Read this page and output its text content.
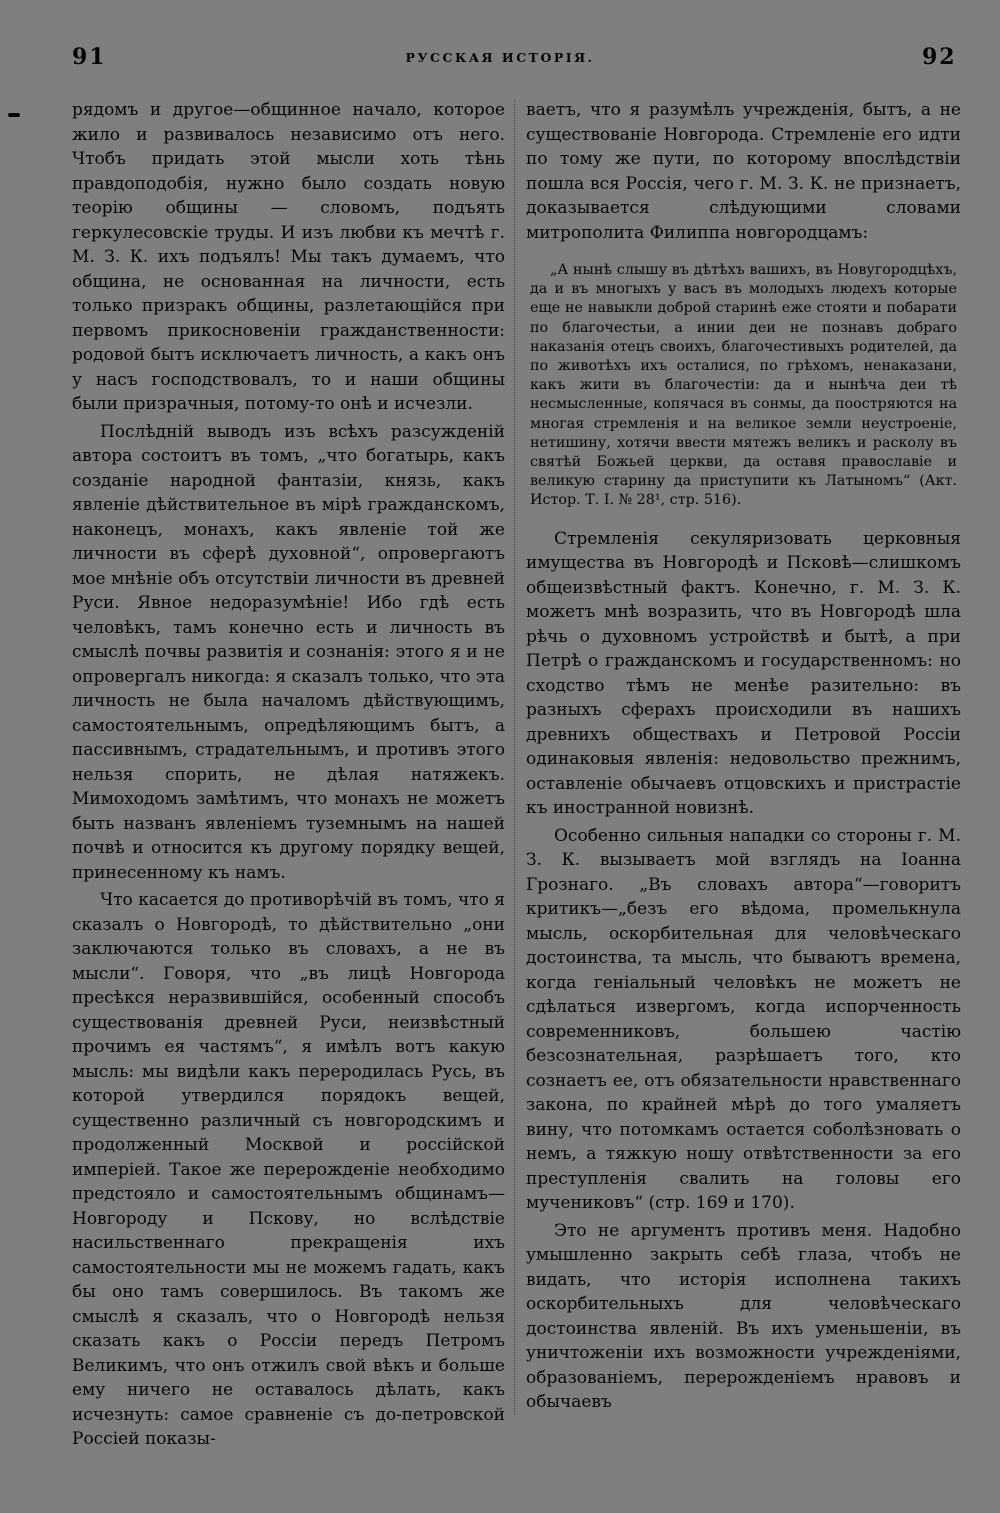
91	РУССКАЯ ИСТОРІЯ.	92

рядомъ и другое—общинное начало, которое жило и развивалось независимо отъ него. Чтобъ придать этой мысли хоть тѣнь правдоподобія, нужно было создать новую теорію общины — словомъ, подъять геркулесовскіе труды. И изъ любви къ мечтѣ г. М. З. К. ихъ подъялъ! Мы такъ думаемъ, что община, не основанная на личности, есть только призракъ общины, разлетающійся при первомъ прикосновеніи гражданственности: родовой бытъ исключаетъ личность, а какъ онъ у насъ господствовалъ, то и наши общины были призрачныя, потому-то онѣ и исчезли.

Послѣдній выводъ изъ всѣхъ разсужденій автора состоитъ въ томъ, „что богатырь, какъ созданіе народной фантазіи, князь, какъ явленіе дѣйствительное въ мірѣ гражданскомъ, наконецъ, монахъ, какъ явленіе той же личности въ сферѣ духовной“, опровергаютъ мое мнѣніе объ отсутствіи личности въ древней Руси. Явное недоразумѣніе! Ибо гдѣ есть человѣкъ, тамъ конечно есть и личность въ смыслѣ почвы развитія и сознанія: этого я и не опровергалъ никогда: я сказалъ только, что эта личность не была началомъ дѣйствующимъ, самостоятельнымъ, опредѣляющимъ бытъ, а пассивнымъ, страдательнымъ, и противъ этого нельзя спорить, не дѣлая натяжекъ. Мимоходомъ замѣтимъ, что монахъ не можетъ быть названъ явленіемъ туземнымъ на нашей почвѣ и относится къ другому порядку вещей, принесенному къ намъ.

Что касается до противорѣчій въ томъ, что я сказалъ о Новгородѣ, то дѣйствительно „они заключаются только въ словахъ, а не въ мысли“. Говоря, что „въ лицѣ Новгорода пресѣкся неразвившійся, особенный способъ существованія древней Руси, неизвѣстный прочимъ ея частямъ“, я имѣлъ вотъ какую мысль: мы видѣли какъ переродилась Русь, въ которой утвердился порядокъ вещей, существенно различный съ новгородскимъ и продолженный Москвой и россійской имперіей. Такое же перерожденіе необходимо предстояло и самостоятельнымъ общинамъ— Новгороду и Пскову, но вслѣдствіе насильственнаго прекращенія ихъ самостоятельности мы не можемъ гадать, какъ бы оно тамъ совершилось. Въ такомъ же смыслѣ я сказалъ, что о Новгородѣ нельзя сказать какъ о Россіи передъ Петромъ Великимъ, что онъ отжилъ свой вѣкъ и больше ему ничего не оставалось дѣлать, какъ исчезнуть: самое сравненіе съ до-петровской Россіей показы-

ваетъ, что я разумѣлъ учрежденія, бытъ, а не существованіе Новгорода. Стремленіе его идти по тому же пути, по которому впослѣдствіи пошла вся Россія, чего г. М. З. К. не признаетъ, доказывается слѣдующими словами митрополита Филиппа новгородцамъ:

„А нынѣ слышу въ дѣтѣхъ вашихъ, въ Новугородцѣхъ, да и въ многыхъ у васъ въ молодыхъ людехъ которые еще не навыкли доброй старинѣ еже стояти и побарати по благочестьи, а инии деи не познавъ добраго наказанія отецъ своихъ, благочестивыхъ родителей, да по животѣхъ ихъ осталися, по грѣхомъ, ненаказани, какъ жити въ благочестіи: да и нынѣча деи тѣ несмысленные, копячася въ сонмы, да поостряются на многая стремленія и на великое земли неустроеніе, нетишину, хотячи ввести мятежъ великъ и расколу въ святѣй Божьей церкви, да оставя православіе и великую старину да приступити къ Латыномъ“ (Акт. Истор. Т. I. № 28¹, стр. 516).

Стремленія секуляризовать церковныя имущества въ Новгородѣ и Псковѣ—слишкомъ общеизвѣстный фактъ. Конечно, г. М. З. К. можетъ мнѣ возразить, что въ Новгородѣ шла рѣчь о духовномъ устройствѣ и бытѣ, а при Петрѣ о гражданскомъ и государственномъ: но сходство тѣмъ не менѣе разительно: въ разныхъ сферахъ происходили въ нашихъ древнихъ обществахъ и Петровой Россіи одинаковыя явленія: недовольство прежнимъ, оставленіе обычаевъ отцовскихъ и пристрастіе къ иностранной новизнѣ.

Особенно сильныя нападки со стороны г. М. З. К. вызываетъ мой взглядъ на Іоанна Грознаго. „Въ словахъ автора“—говоритъ критикъ—„безъ его вѣдома, промелькнула мысль, оскорбительная для человѣческаго достоинства, та мысль, что бываютъ времена, когда геніальный человѣкъ не можетъ не сдѣлаться извергомъ, когда испорченность современниковъ, большею частію безсознательная, разрѣшаетъ того, кто сознаетъ ее, отъ обязательности нравственнаго закона, по крайней мѣрѣ до того умаляетъ вину, что потомкамъ остается соболѣзновать о немъ, а тяжкую ношу отвѣтственности за его преступленія свалить на головы его мучениковъ“ (стр. 169 и 170).

Это не аргументъ противъ меня. Надобно умышленно закрыть себѣ глаза, чтобъ не видать, что исторія исполнена такихъ оскорбительныхъ для человѣческаго достоинства явленій. Въ ихъ уменьшеніи, въ уничтоженіи ихъ возможности учрежденіями, образованіемъ, перерожденіемъ нравовъ и обычаевъ
